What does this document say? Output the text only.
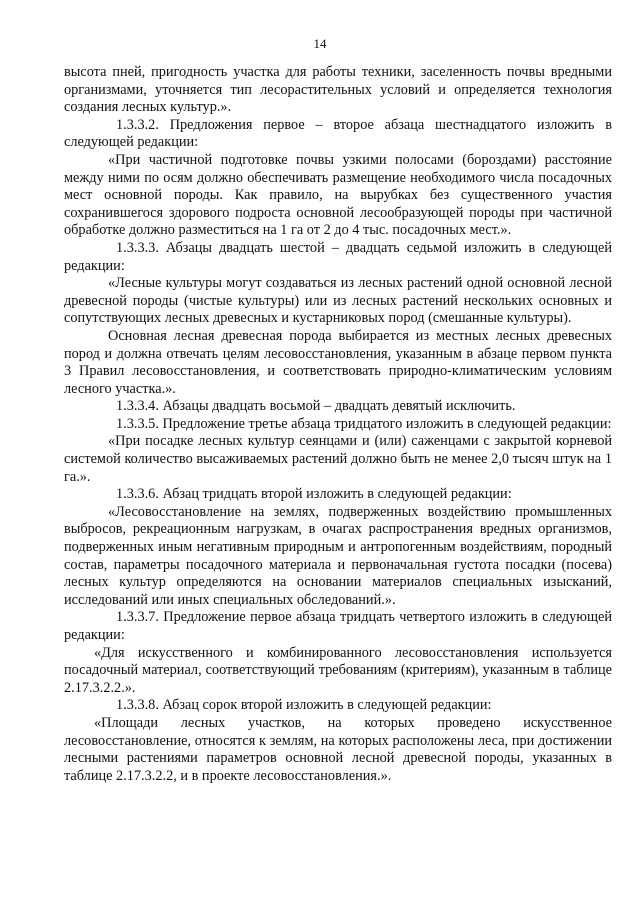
14

высота пней, пригодность участка для работы техники, заселенность почвы вредными организмами, уточняется тип лесорастительных условий и определяется технология создания лесных культур.».

1.3.3.2. Предложения первое – второе абзаца шестнадцатого изложить в следующей редакции:

«При частичной подготовке почвы узкими полосами (бороздами) расстояние между ними по осям должно обеспечивать размещение необходимого числа посадочных мест основной породы. Как правило, на вырубках без существенного участия сохранившегося здорового подроста основной лесообразующей породы при частичной обработке должно разместиться на 1 га от 2 до 4 тыс. посадочных мест.».

1.3.3.3. Абзацы двадцать шестой – двадцать седьмой изложить в следующей редакции:

«Лесные культуры могут создаваться из лесных растений одной основной лесной древесной породы (чистые культуры) или из лесных растений нескольких основных и сопутствующих лесных древесных и кустарниковых пород (смешанные культуры).

Основная лесная древесная порода выбирается из местных лесных древесных пород и должна отвечать целям лесовосстановления, указанным в абзаце первом пункта 3 Правил лесовосстановления, и соответствовать природно-климатическим условиям лесного участка.».

1.3.3.4. Абзацы двадцать восьмой – двадцать девятый исключить.

1.3.3.5. Предложение третье абзаца тридцатого изложить в следующей редакции:

«При посадке лесных культур сеянцами и (или) саженцами с закрытой корневой системой количество высаживаемых растений должно быть не менее 2,0 тысяч штук на 1 га.».

1.3.3.6. Абзац тридцать второй изложить в следующей редакции:

«Лесовосстановление на землях, подверженных воздействию промышленных выбросов, рекреационным нагрузкам, в очагах распространения вредных организмов, подверженных иным негативным природным и антропогенным воздействиям, породный состав, параметры посадочного материала и первоначальная густота посадки (посева) лесных культур определяются на основании материалов специальных изысканий, исследований или иных специальных обследований.».

1.3.3.7. Предложение первое абзаца тридцать четвертого изложить в следующей редакции:

«Для искусственного и комбинированного лесовосстановления используется посадочный материал, соответствующий требованиям (критериям), указанным в таблице 2.17.3.2.2.».

1.3.3.8. Абзац сорок второй изложить в следующей редакции:

«Площади лесных участков, на которых проведено искусственное лесовосстановление, относятся к землям, на которых расположены леса, при достижении лесными растениями параметров основной лесной древесной породы, указанных в таблице 2.17.3.2.2, и в проекте лесовосстановления.».
